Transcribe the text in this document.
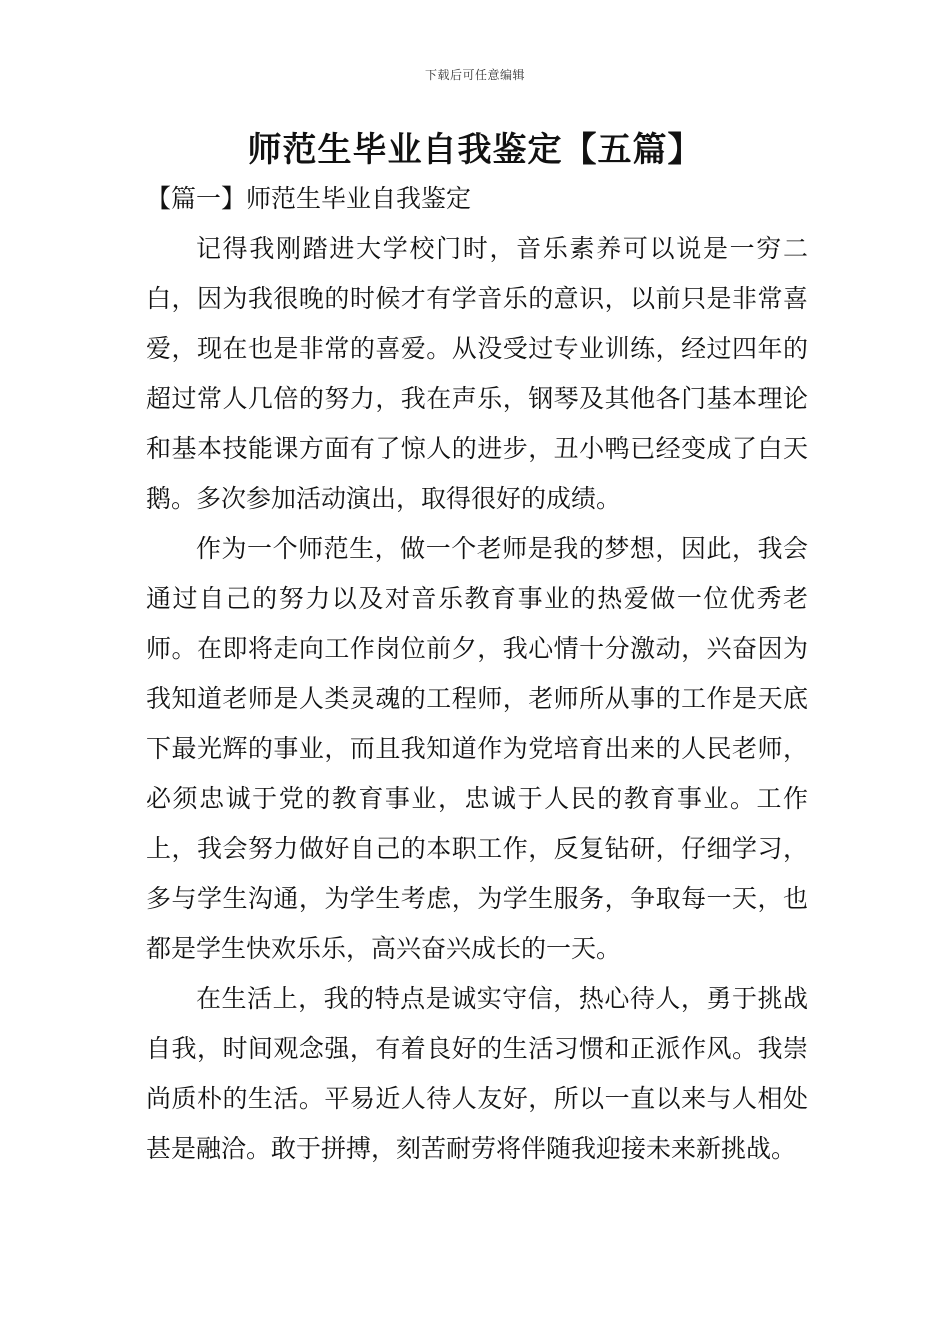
下载后可任意编辑
师范生毕业自我鉴定【五篇】
【篇一】师范生毕业自我鉴定

记得我刚踏进大学校门时，音乐素养可以说是一穷二白，因为我很晚的时候才有学音乐的意识，以前只是非常喜爱，现在也是非常的喜爱。从没受过专业训练，经过四年的超过常人几倍的努力，我在声乐，钢琴及其他各门基本理论和基本技能课方面有了惊人的进步，丑小鸭已经变成了白天鹅。多次参加活动演出，取得很好的成绩。

作为一个师范生，做一个老师是我的梦想，因此，我会通过自己的努力以及对音乐教育事业的热爱做一位优秀老师。在即将走向工作岗位前夕，我心情十分激动，兴奋因为我知道老师是人类灵魂的工程师，老师所从事的工作是天底下最光辉的事业，而且我知道作为党培育出来的人民老师，必须忠诚于党的教育事业，忠诚于人民的教育事业。工作上，我会努力做好自己的本职工作，反复钻研，仔细学习，多与学生沟通，为学生考虑，为学生服务，争取每一天，也都是学生快欢乐乐，高兴奋兴成长的一天。

在生活上，我的特点是诚实守信，热心待人，勇于挑战自我，时间观念强，有着良好的生活习惯和正派作风。我崇尚质朴的生活。平易近人待人友好，所以一直以来与人相处甚是融洽。敢于拼搏，刻苦耐劳将伴随我迎接未来新挑战。
